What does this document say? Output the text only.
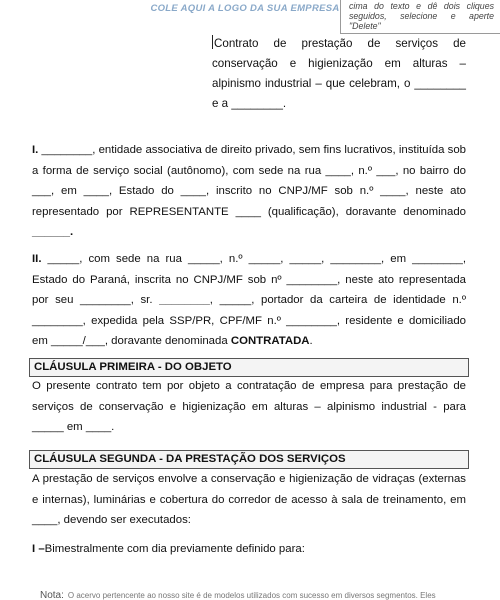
COLE AQUI A LOGO DA SUA EMPRESA	cima do texto e dê dois cliques seguidos, selecione e aperte "Delete"
Contrato de prestação de serviços de conservação e higienização em alturas – alpinismo industrial – que celebram, o ________ e a ________.
I. ________, entidade associativa de direito privado, sem fins lucrativos, instituída sob a forma de serviço social (autônomo), com sede na rua ____, n.º ___, no bairro do ___, em ____, Estado do ____, inscrito no CNPJ/MF sob n.º ____, neste ato representado por REPRESENTANTE ____ (qualificação), doravante denominado ______.
II. _____, com sede na rua _____, n.º _____, _____, ________, em ________, Estado do Paraná, inscrita no CNPJ/MF sob nº ________, neste ato representada por seu ________, sr. ________, _____, portador da carteira de identidade n.º ________, expedida pela SSP/PR, CPF/MF n.º ________, residente e domiciliado em _____/___, doravante denominada CONTRATADA.
CLÁUSULA PRIMEIRA - DO OBJETO
O presente contrato tem por objeto a contratação de empresa para prestação de serviços de conservação e higienização em alturas – alpinismo industrial - para _____ em ____.
CLÁUSULA SEGUNDA - DA PRESTAÇÃO DOS SERVIÇOS
A prestação de serviços envolve a conservação e higienização de vidraças (externas e internas), luminárias e cobertura do corredor de acesso à sala de treinamento, em ____, devendo ser executados:
I –Bimestralmente com dia previamente definido para:
Nota: O acervo pertencente ao nosso site é de modelos utilizados com sucesso em diversos segmentos. Eles
